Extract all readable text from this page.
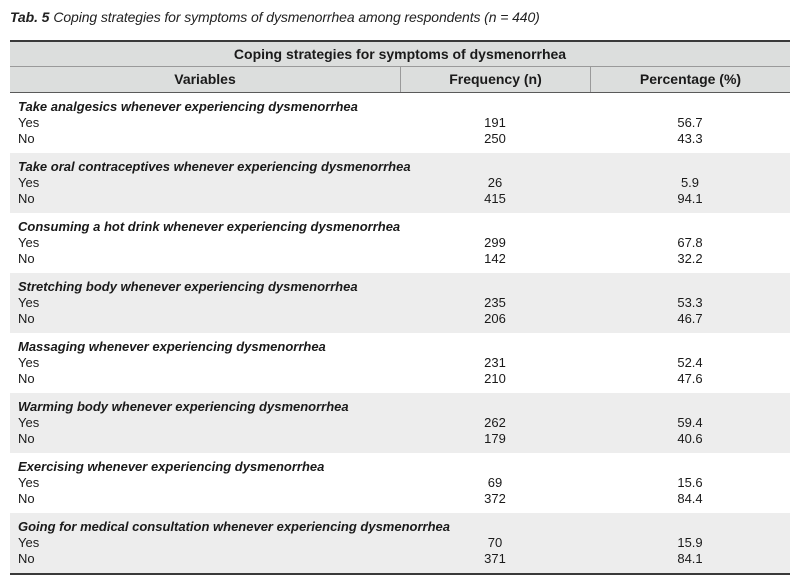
Tab. 5 Coping strategies for symptoms of dysmenorrhea among respondents (n = 440)
Coping strategies for symptoms of dysmenorrhea
Variables	Frequency (n)	Percentage (%)
Take analgesics whenever experiencing dysmenorrhea
Yes	191	56.7
No	250	43.3
Take oral contraceptives whenever experiencing dysmenorrhea
Yes	26	5.9
No	415	94.1
Consuming a hot drink whenever experiencing dysmenorrhea
Yes	299	67.8
No	142	32.2
Stretching body whenever experiencing dysmenorrhea
Yes	235	53.3
No	206	46.7
Massaging whenever experiencing dysmenorrhea
Yes	231	52.4
No	210	47.6
Warming body whenever experiencing dysmenorrhea
Yes	262	59.4
No	179	40.6
Exercising whenever experiencing dysmenorrhea
Yes	69	15.6
No	372	84.4
Going for medical consultation whenever experiencing dysmenorrhea
Yes	70	15.9
No	371	84.1
